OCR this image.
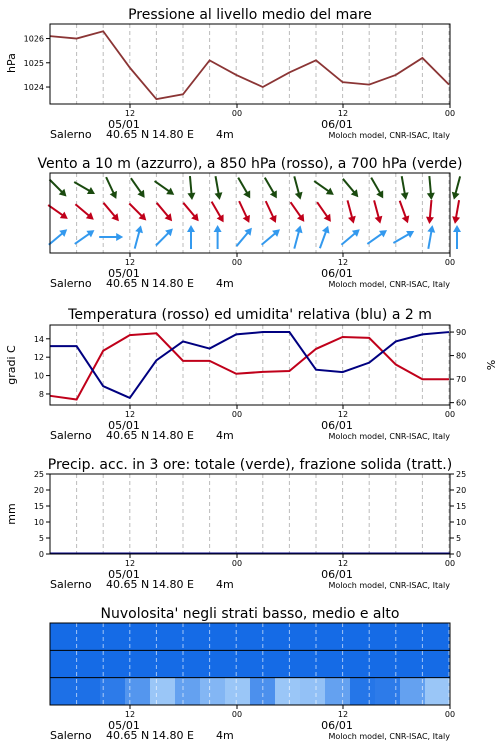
Pressione al livello medio del mare
hPa
1026
1025
1024
12	00	12	00
05/01	06/01
Salerno 40.65 N 14.80 E 4m	Moloch model, CNR-ISAC, Italy
Vento a 10 m (azzurro), a 850 hPa (rosso), a 700 hPa (verde)
12	00	12	00
05/01	06/01
Salerno 40.65 N 14.80 E 4m	Moloch model, CNR-ISAC, Italy
Temperatura (rosso) ed umidita' relativa (blu) a 2 m
gradi C	%
14
12
10
8
90
80
70
60
12	00	12	00
05/01	06/01
Salerno 40.65 N 14.80 E 4m	Moloch model, CNR-ISAC, Italy
Precip. acc. in 3 ore: totale (verde), frazione solida (tratt.)
mm
25
20
15
10
5
0
25
20
15
10
5
0
12	00	12	00
05/01	06/01
Salerno 40.65 N 14.80 E 4m	Moloch model, CNR-ISAC, Italy
Nuvolosita' negli strati basso, medio e alto
12	00	12	00
05/01	06/01
Salerno 40.65 N 14.80 E 4m	Moloch model, CNR-ISAC, Italy
